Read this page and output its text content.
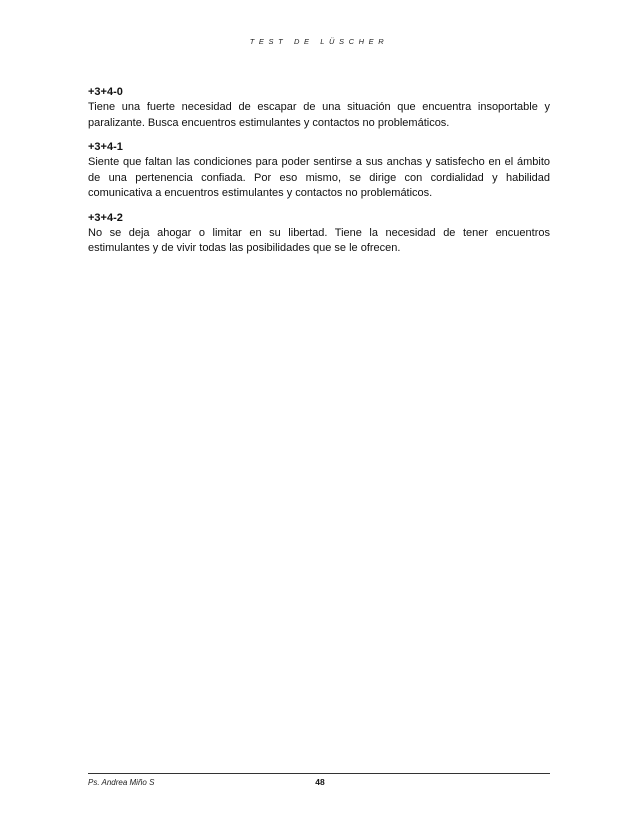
TEST DE LÜSCHER

+3+4-0

Tiene una fuerte necesidad de escapar de una situación que encuentra insoportable y paralizante. Busca encuentros estimulantes y contactos no problemáticos.

+3+4-1

Siente que faltan las condiciones para poder sentirse a sus anchas y satisfecho en el ámbito de una pertenencia confiada. Por eso mismo, se dirige con cordialidad y habilidad comunicativa a encuentros estimulantes y contactos no problemáticos.

+3+4-2

No se deja ahogar o limitar en su libertad. Tiene la necesidad de tener encuentros estimulantes y de vivir todas las posibilidades que se le ofrecen.

Ps. Andrea Miño S	48
